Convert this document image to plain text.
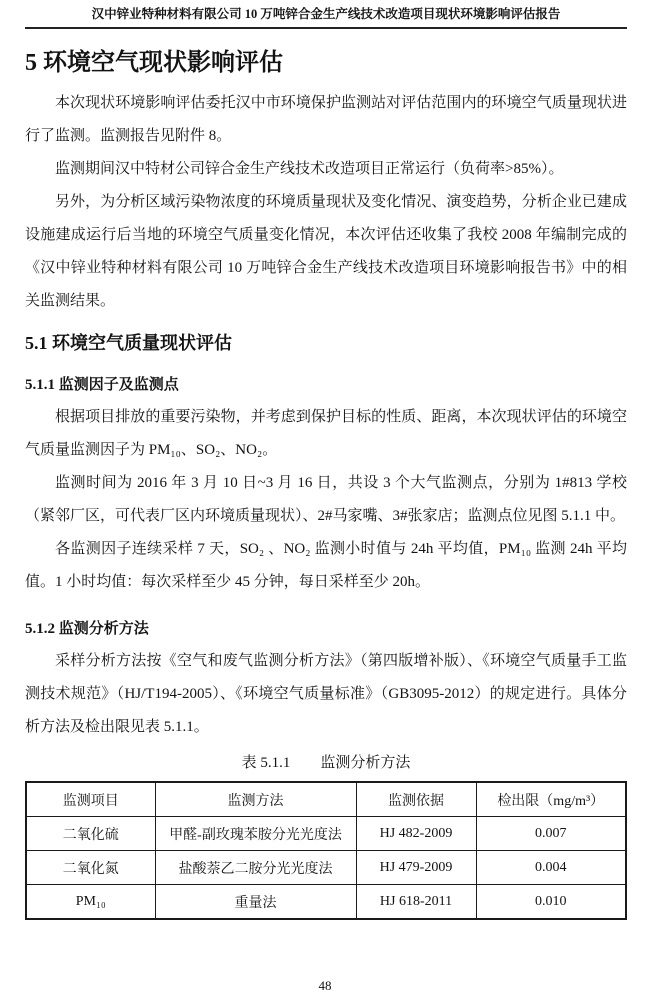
汉中锌业特种材料有限公司 10 万吨锌合金生产线技术改造项目现状环境影响评估报告
5 环境空气现状影响评估

本次现状环境影响评估委托汉中市环境保护监测站对评估范围内的环境空气质量现状进行了监测。监测报告见附件 8。

监测期间汉中特材公司锌合金生产线技术改造项目正常运行（负荷率>85%）。

另外，为分析区域污染物浓度的环境质量现状及变化情况、演变趋势，分析企业已建成设施建成运行后当地的环境空气质量变化情况，本次评估还收集了我校 2008 年编制完成的《汉中锌业特种材料有限公司 10 万吨锌合金生产线技术改造项目环境影响报告书》中的相关监测结果。

5.1 环境空气质量现状评估
5.1.1 监测因子及监测点

根据项目排放的重要污染物，并考虑到保护目标的性质、距离，本次现状评估的环境空气质量监测因子为 PM₁₀、SO₂、NO₂。

监测时间为 2016 年 3 月 10 日~3 月 16 日，共设 3 个大气监测点，分别为 1#813 学校（紧邻厂区，可代表厂区内环境质量现状）、2#马家嘴、3#张家店；监测点位见图 5.1.1 中。

各监测因子连续采样 7 天，SO₂ 、NO₂ 监测小时值与 24h 平均值，PM₁₀ 监测 24h 平均值。1 小时均值：每次采样至少 45 分钟，每日采样至少 20h。

5.1.2 监测分析方法

采样分析方法按《空气和废气监测分析方法》（第四版增补版）、《环境空气质量手工监测技术规范》（HJ/T194-2005）、《环境空气质量标准》（GB3095-2012）的规定进行。具体分析方法及检出限见表 5.1.1。

表 5.1.1　　监测分析方法
监测项目	监测方法	监测依据	检出限（mg/m³）
二氧化硫	甲醛-副玫瑰苯胺分光光度法	HJ 482-2009	0.007
二氧化氮	盐酸萘乙二胺分光光度法	HJ 479-2009	0.004
PM₁₀	重量法	HJ 618-2011	0.010
48
